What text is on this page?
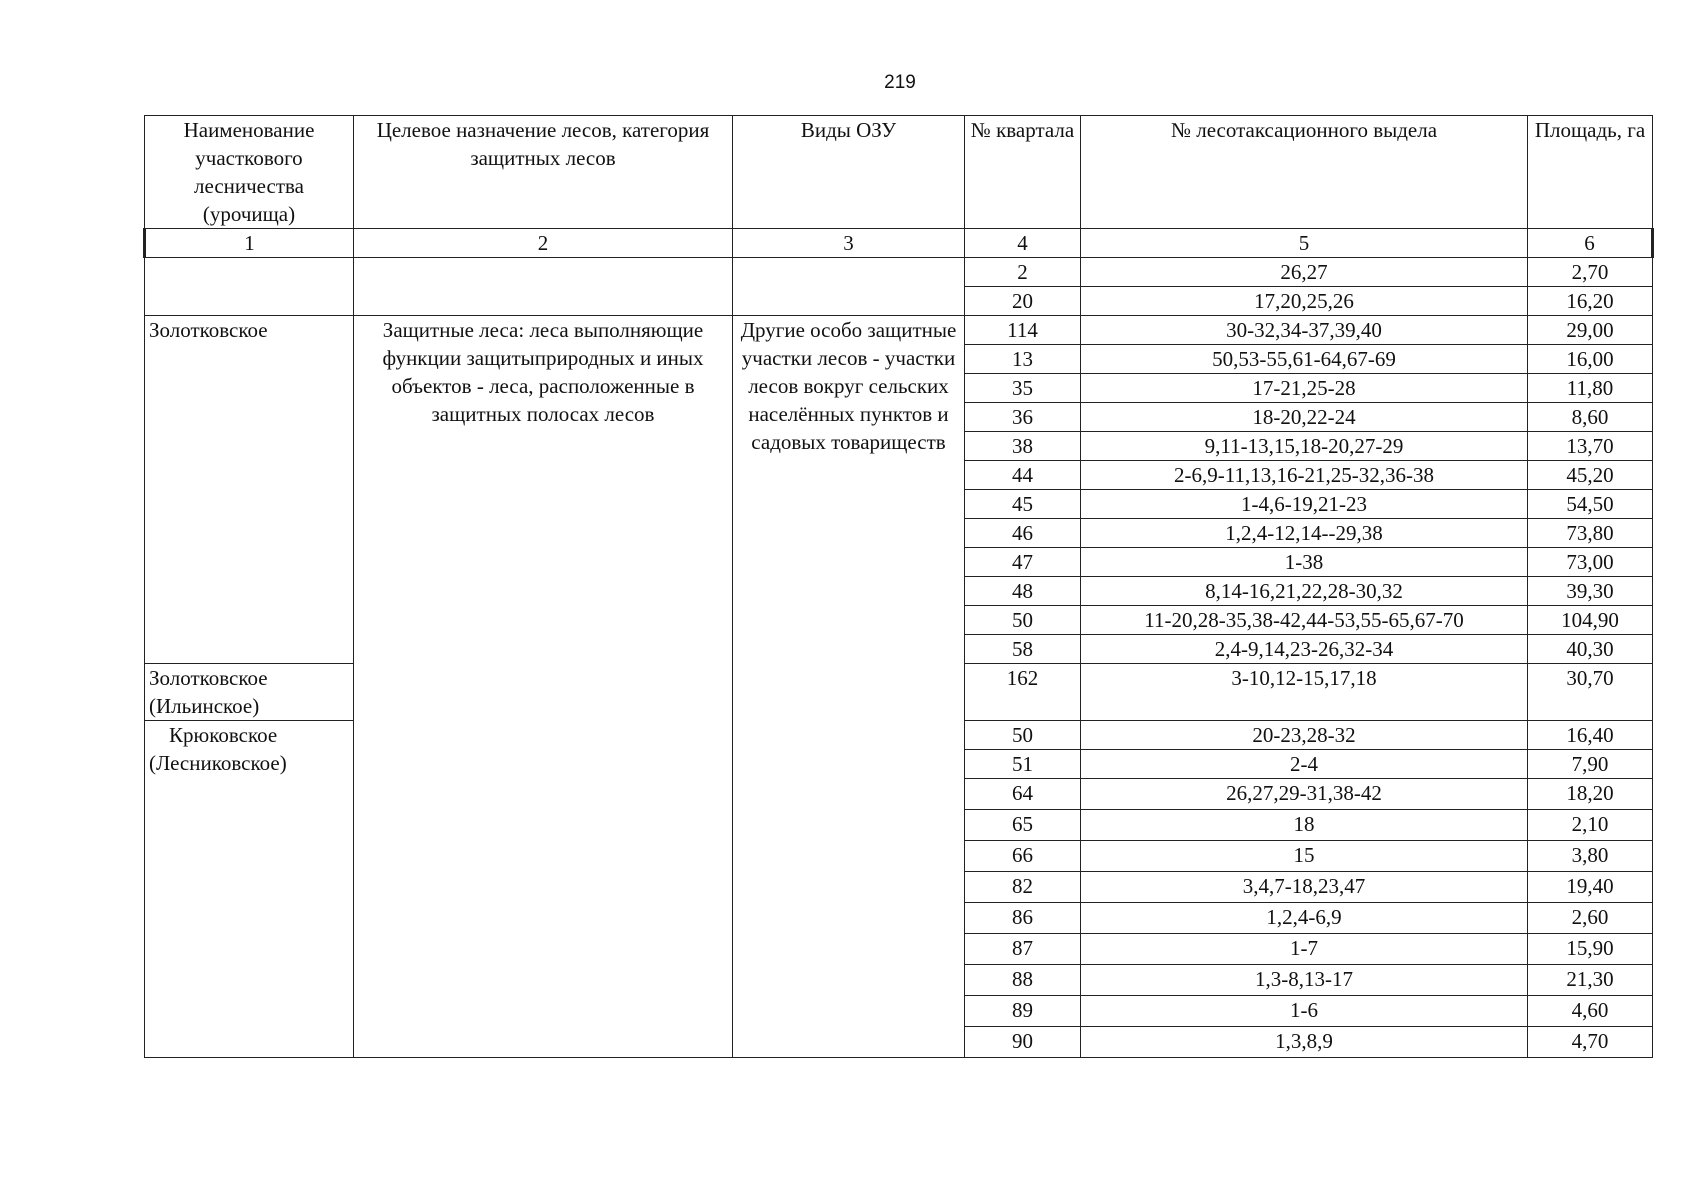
219
Наименование участкового лесничества (урочища)	Целевое назначение лесов, категория защитных лесов	Виды ОЗУ	№ квартала	№ лесотаксационного выдела	Площадь, га
1	2	3	4	5	6
			2	26,27	2,70
			20	17,20,25,26	16,20
Золотковское	Защитные леса: леса выполняющие функции защитыприродных и иных объектов - леса, расположенные в защитных полосах лесов	Другие особо защитные участки лесов - участки лесов вокруг сельских населённых пунктов и садовых товариществ	114	30-32,34-37,39,40	29,00
			13	50,53-55,61-64,67-69	16,00
			35	17-21,25-28	11,80
			36	18-20,22-24	8,60
			38	9,11-13,15,18-20,27-29	13,70
			44	2-6,9-11,13,16-21,25-32,36-38	45,20
			45	1-4,6-19,21-23	54,50
			46	1,2,4-12,14--29,38	73,80
			47	1-38	73,00
			48	8,14-16,21,22,28-30,32	39,30
			50	11-20,28-35,38-42,44-53,55-65,67-70	104,90
			58	2,4-9,14,23-26,32-34	40,30
Золотковское
(Ильинское)			162	3-10,12-15,17,18	30,70
Крюковское
(Лесниковское)			50	20-23,28-32	16,40
			51	2-4	7,90
			64	26,27,29-31,38-42	18,20
			65	18	2,10
			66	15	3,80
			82	3,4,7-18,23,47	19,40
			86	1,2,4-6,9	2,60
			87	1-7	15,90
			88	1,3-8,13-17	21,30
			89	1-6	4,60
			90	1,3,8,9	4,70
